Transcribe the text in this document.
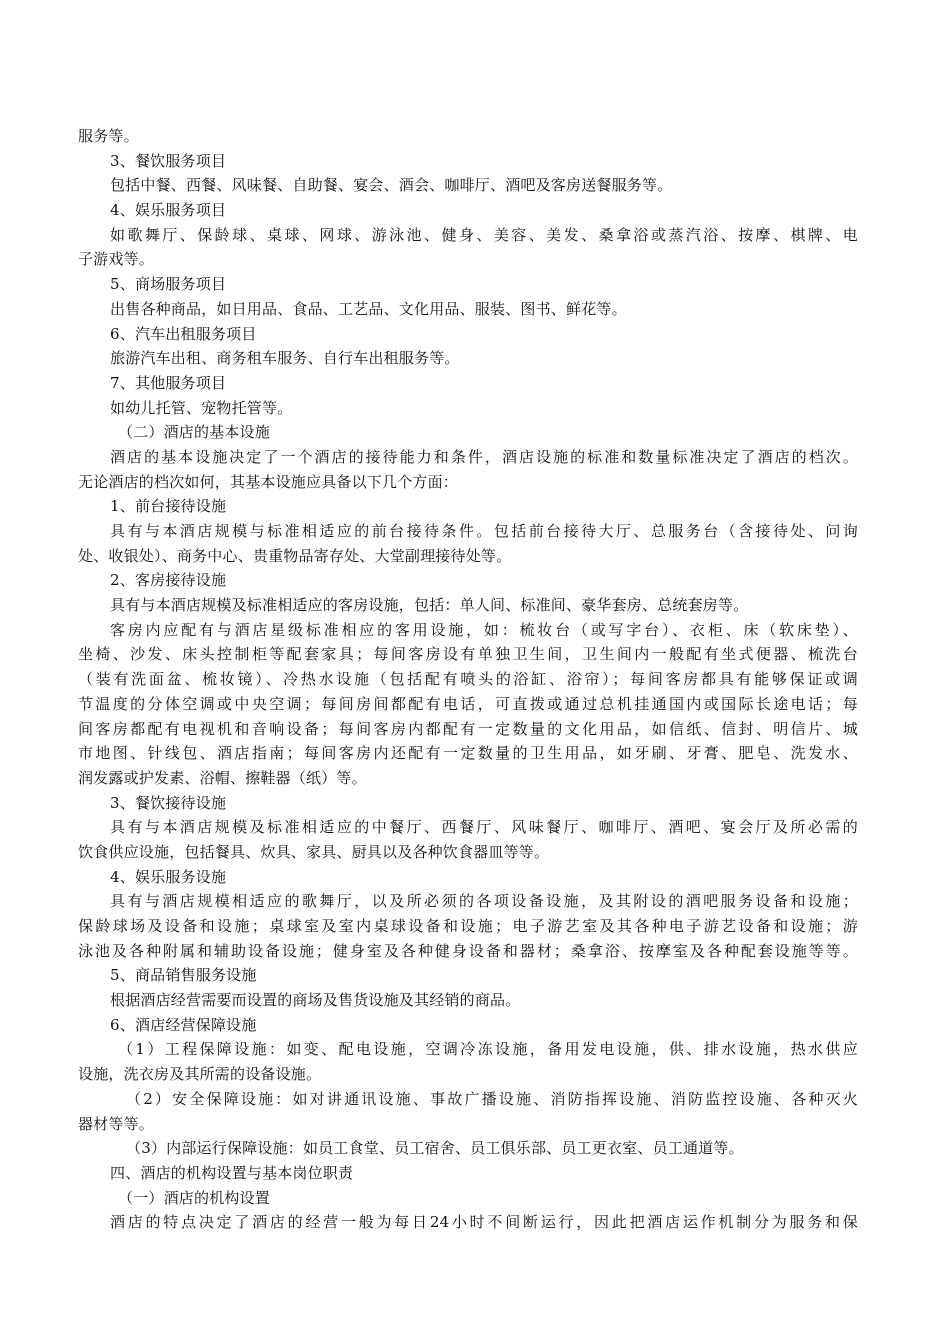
服务等。
3、餐饮服务项目
包括中餐、西餐、风味餐、自助餐、宴会、酒会、咖啡厅、酒吧及客房送餐服务等。
4、娱乐服务项目
如歌舞厅、保龄球、桌球、网球、游泳池、健身、美容、美发、桑拿浴或蒸汽浴、按摩、棋牌、电
子游戏等。
5、商场服务项目
出售各种商品，如日用品、食品、工艺品、文化用品、服装、图书、鲜花等。
6、汽车出租服务项目
旅游汽车出租、商务租车服务、自行车出租服务等。
7、其他服务项目
如幼儿托管、宠物托管等。
（二）酒店的基本设施
酒店的基本设施决定了一个酒店的接待能力和条件，酒店设施的标准和数量标准决定了酒店的档次。
无论酒店的档次如何，其基本设施应具备以下几个方面：
1、前台接待设施
具有与本酒店规模与标准相适应的前台接待条件。包括前台接待大厅、总服务台（含接待处、问询
处、收银处）、商务中心、贵重物品寄存处、大堂副理接待处等。
2、客房接待设施
具有与本酒店规模及标准相适应的客房设施，包括：单人间、标准间、豪华套房、总统套房等。
客房内应配有与酒店星级标准相应的客用设施，如：梳妆台（或写字台）、衣柜、床（软床垫）、
坐椅、沙发、床头控制柜等配套家具；每间客房设有单独卫生间，卫生间内一般配有坐式便器、梳洗台
（装有洗面盆、梳妆镜）、冷热水设施（包括配有喷头的浴缸、浴帘）；每间客房都具有能够保证或调
节温度的分体空调或中央空调；每间房间都配有电话，可直拨或通过总机挂通国内或国际长途电话；每
间客房都配有电视机和音响设备；每间客房内都配有一定数量的文化用品，如信纸、信封、明信片、城
市地图、针线包、酒店指南；每间客房内还配有一定数量的卫生用品，如牙刷、牙膏、肥皂、洗发水、
润发露或护发素、浴帽、擦鞋器（纸）等。
3、餐饮接待设施
具有与本酒店规模及标准相适应的中餐厅、西餐厅、风味餐厅、咖啡厅、酒吧、宴会厅及所必需的
饮食供应设施，包括餐具、炊具、家具、厨具以及各种饮食器皿等等。
4、娱乐服务设施
具有与酒店规模相适应的歌舞厅，以及所必须的各项设备设施，及其附设的酒吧服务设备和设施；
保龄球场及设备和设施；桌球室及室内桌球设备和设施；电子游艺室及其各种电子游艺设备和设施；游
泳池及各种附属和辅助设备设施；健身室及各种健身设备和器材；桑拿浴、按摩室及各种配套设施等等。
5、商品销售服务设施
根据酒店经营需要而设置的商场及售货设施及其经销的商品。
6、酒店经营保障设施
（1）工程保障设施：如变、配电设施，空调冷冻设施，备用发电设施，供、排水设施，热水供应
设施，洗衣房及其所需的设备设施。
（2）安全保障设施：如对讲通讯设施、事故广播设施、消防指挥设施、消防监控设施、各种灭火
器材等等。
（3）内部运行保障设施：如员工食堂、员工宿舍、员工俱乐部、员工更衣室、员工通道等。
四、酒店的机构设置与基本岗位职责
（一）酒店的机构设置
酒店的特点决定了酒店的经营一般为每日24小时不间断运行，因此把酒店运作机制分为服务和保
